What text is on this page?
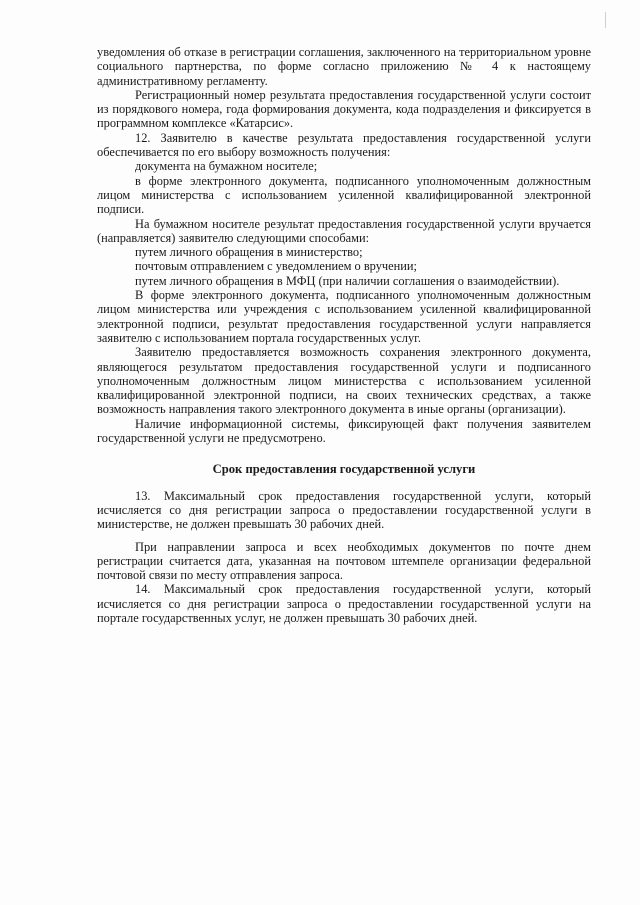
уведомления об отказе в регистрации соглашения, заключенного на территориальном уровне социального партнерства, по форме согласно приложению № 4 к настоящему административному регламенту.

Регистрационный номер результата предоставления государственной услуги состоит из порядкового номера, года формирования документа, кода подразделения и фиксируется в программном комплексе «Катарсис».

12. Заявителю в качестве результата предоставления государственной услуги обеспечивается по его выбору возможность получения:

документа на бумажном носителе;

в форме электронного документа, подписанного уполномоченным должностным лицом министерства с использованием усиленной квалифицированной электронной подписи.

На бумажном носителе результат предоставления государственной услуги вручается (направляется) заявителю следующими способами:

путем личного обращения в министерство;

почтовым отправлением с уведомлением о вручении;

путем личного обращения в МФЦ (при наличии соглашения о взаимодействии).

В форме электронного документа, подписанного уполномоченным должностным лицом министерства или учреждения с использованием усиленной квалифицированной электронной подписи, результат предоставления государственной услуги направляется заявителю с использованием портала государственных услуг.

Заявителю предоставляется возможность сохранения электронного документа, являющегося результатом предоставления государственной услуги и подписанного уполномоченным должностным лицом министерства с использованием усиленной квалифицированной электронной подписи, на своих технических средствах, а также возможность направления такого электронного документа в иные органы (организации).

Наличие информационной системы, фиксирующей факт получения заявителем государственной услуги не предусмотрено.

Срок предоставления государственной услуги

13. Максимальный срок предоставления государственной услуги, который исчисляется со дня регистрации запроса о предоставлении государственной услуги в министерстве, не должен превышать 30 рабочих дней.

При направлении запроса и всех необходимых документов по почте днем регистрации считается дата, указанная на почтовом штемпеле организации федеральной почтовой связи по месту отправления запроса.

14. Максимальный срок предоставления государственной услуги, который исчисляется со дня регистрации запроса о предоставлении государственной услуги на портале государственных услуг, не должен превышать 30 рабочих дней.
